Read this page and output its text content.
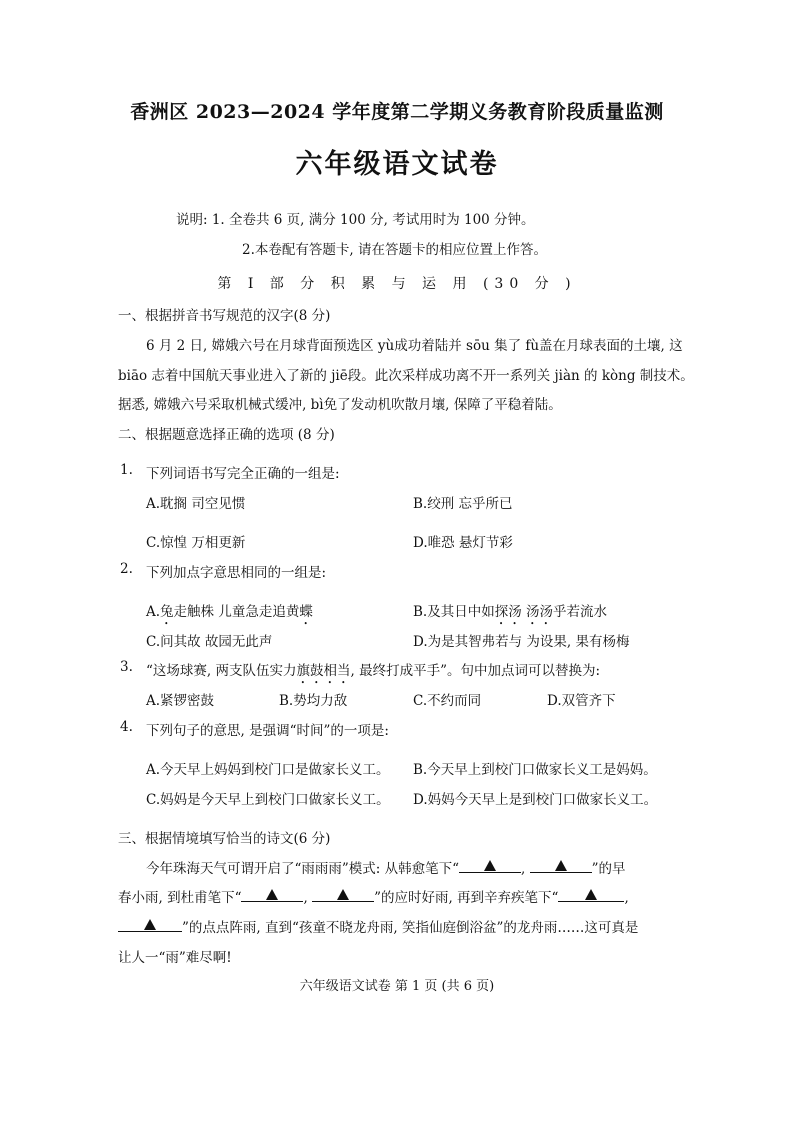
香洲区 2023—2024 学年度第二学期义务教育阶段质量监测
六年级语文试卷
说明: 1. 全卷共 6 页, 满分 100 分, 考试用时为 100 分钟。
2.本卷配有答题卡, 请在答题卡的相应位置上作答。
第 I 部 分 积 累 与 运 用 (30 分 )
一、根据拼音书写规范的汉字(8 分)
6 月 2 日, 嫦娥六号在月球背面预选区 yù成功着陆并 sōu 集了 fù盖在月球表面的土壤, 这
biāo 志着中国航天事业进入了新的 jiē段。此次采样成功离不开一系列关 jiàn 的 kòng 制技术。
据悉, 嫦娥六号采取机械式缓冲, bì免了发动机吹散月壤, 保障了平稳着陆。
二、根据题意选择正确的选项 (8 分)
1. 下列词语书写完全正确的一组是:
A.耽搁 司空见惯	B.绞刑 忘乎所已
C.惊惶 万相更新	D.唯恐 悬灯节彩
2. 下列加点字意思相同的一组是:
A.兔走触株 儿童急走追黄蝶	B.及其日中如探汤 汤汤乎若流水
C.问其故 故园无此声	D.为是其智弗若与 为设果, 果有杨梅
3. “这场球赛, 两支队伍实力旗鼓相当, 最终打成平手”。句中加点词可以替换为:
A.紧锣密鼓	B.势均力敌	C.不约而同	D.双管齐下
4. 下列句子的意思, 是强调“时间”的一项是:
A.今天早上妈妈到校门口是做家长义工。 B.今天早上到校门口做家长义工是妈妈。
C.妈妈是今天早上到校门口做家长义工。 D.妈妈今天早上是到校门口做家长义工。
三、根据情境填写恰当的诗文(6 分)
今年珠海天气可谓开启了“雨雨雨”模式: 从韩愈笔下“	,	”的早
春小雨, 到杜甫笔下“	,	”的应时好雨, 再到辛弃疾笔下“	,
”的点点阵雨, 直到“孩童不晓龙舟雨, 笑指仙庭倒浴盆”的龙舟雨……这可真是
让人一“雨”难尽啊!
六年级语文试卷 第 1 页 (共 6 页)
